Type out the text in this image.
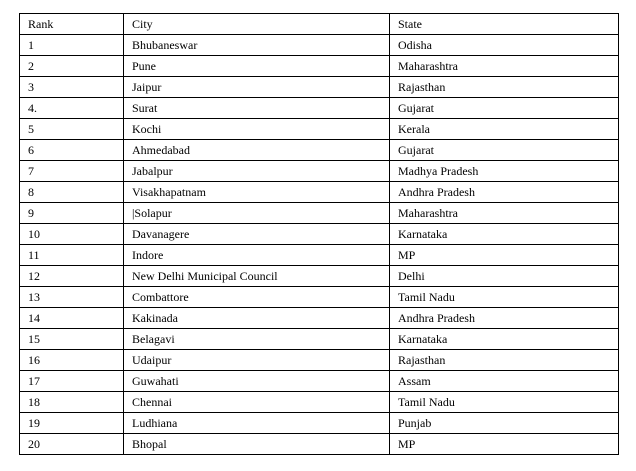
Rank	City	State
1	Bhubaneswar	Odisha
2	Pune	Maharashtra
3	Jaipur	Rajasthan
4.	Surat	Gujarat
5	Kochi	Kerala
6	Ahmedabad	Gujarat
7	Jabalpur	Madhya Pradesh
8	Visakhapatnam	Andhra Pradesh
9	|Solapur	Maharashtra
10	Davanagere	Karnataka
11	Indore	MP
12	New Delhi Municipal Council	Delhi
13	Combattore	Tamil Nadu
14	Kakinada	Andhra Pradesh
15	Belagavi	Karnataka
16	Udaipur	Rajasthan
17	Guwahati	Assam
18	Chennai	Tamil Nadu
19	Ludhiana	Punjab
20	Bhopal	MP
